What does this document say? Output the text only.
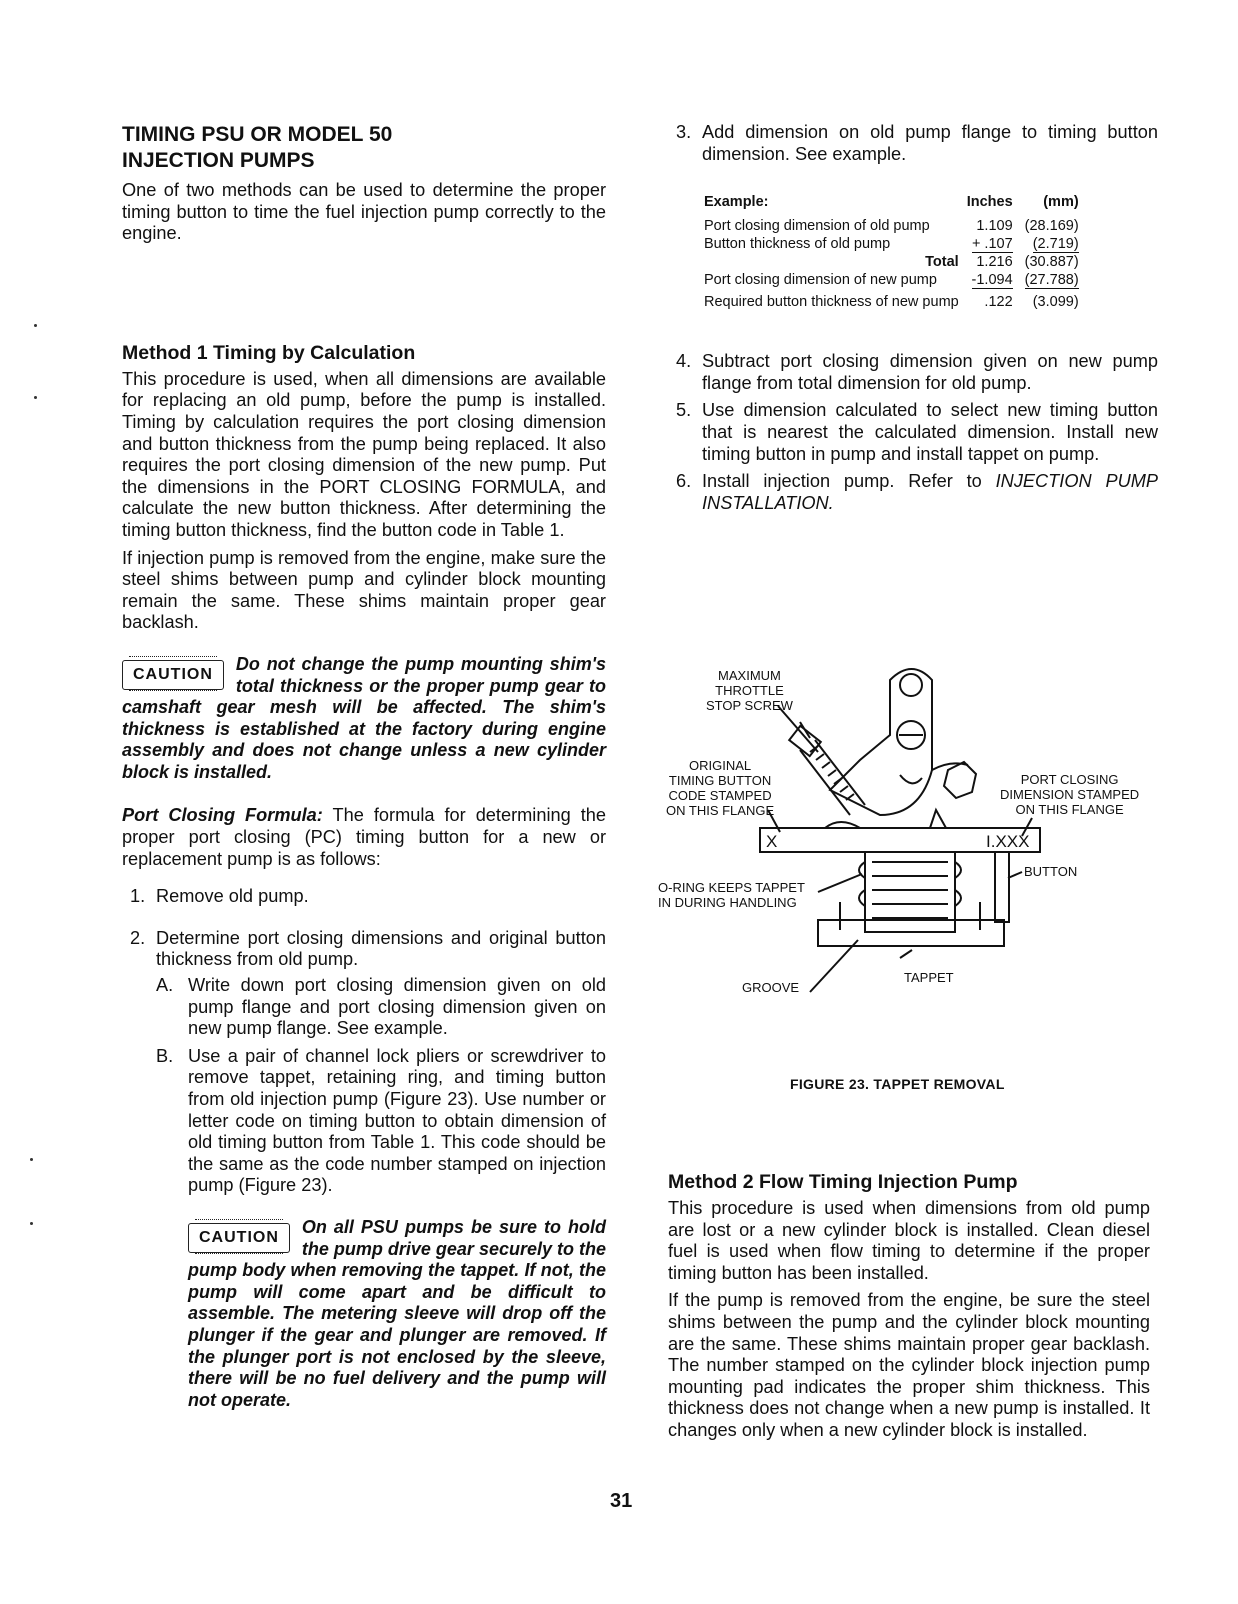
TIMING PSU OR MODEL 50
INJECTION PUMPS

One of two methods can be used to determine the proper timing button to time the fuel injection pump correctly to the engine.

Method 1 Timing by Calculation

This procedure is used, when all dimensions are available for replacing an old pump, before the pump is installed. Timing by calculation requires the port closing dimension and button thickness from the pump being replaced. It also requires the port closing dimension of the new pump. Put the dimensions in the PORT CLOSING FORMULA, and calculate the new button thickness. After determining the timing button thickness, find the button code in Table 1.

If injection pump is removed from the engine, make sure the steel shims between pump and cylinder block mounting remain the same. These shims maintain proper gear backlash.

CAUTION
Do not change the pump mounting shim's total thickness or the proper pump gear to camshaft gear mesh will be affected. The shim's thickness is established at the factory during engine assembly and does not change unless a new cylinder block is installed.

Port Closing Formula: The formula for determining the proper port closing (PC) timing button for a new or replacement pump is as follows:

1. Remove old pump.
2. Determine port closing dimensions and original button thickness from old pump.
A. Write down port closing dimension given on old pump flange and port closing dimension given on new pump flange. See example.
B. Use a pair of channel lock pliers or screwdriver to remove tappet, retaining ring, and timing button from old injection pump (Figure 23). Use number or letter code on timing button to obtain dimension of old timing button from Table 1. This code should be the same as the code number stamped on injection pump (Figure 23).
CAUTION
On all PSU pumps be sure to hold the pump drive gear securely to the pump body when removing the tappet. If not, the pump will come apart and be difficult to assemble. The metering sleeve will drop off the plunger if the gear and plunger are removed. If the plunger port is not enclosed by the sleeve, there will be no fuel delivery and the pump will not operate.
3. Add dimension on old pump flange to timing button dimension. See example.
Example:	Inches	(mm)

Port closing dimension of old pump	1.109	(28.169)
Button thickness of old pump	+ .107	(2.719)
Total	1.216	(30.887)
Port closing dimension of new pump	-1.094	(27.788)

Required button thickness of new pump	.122	(3.099)
4. Subtract port closing dimension given on new pump flange from total dimension for old pump.
5. Use dimension calculated to select new timing button that is nearest the calculated dimension. Install new timing button in pump and install tappet on pump.
6. Install injection pump. Refer to INJECTION PUMP INSTALLATION.
X	I.XXX
MAXIMUM
THROTTLE
STOP SCREW
ORIGINAL
TIMING BUTTON
CODE STAMPED
ON THIS FLANGE
PORT CLOSING
DIMENSION STAMPED
ON THIS FLANGE
O-RING KEEPS TAPPET
IN DURING HANDLING
BUTTON
GROOVE
TAPPET
FIGURE 23. TAPPET REMOVAL
Method 2 Flow Timing Injection Pump

This procedure is used when dimensions from old pump are lost or a new cylinder block is installed. Clean diesel fuel is used when flow timing to determine if the proper timing button has been installed.

If the pump is removed from the engine, be sure the steel shims between the pump and the cylinder block mounting are the same. These shims maintain proper gear backlash. The number stamped on the cylinder block injection pump mounting pad indicates the proper shim thickness. This thickness does not change when a new pump is installed. It changes only when a new cylinder block is installed.

31
